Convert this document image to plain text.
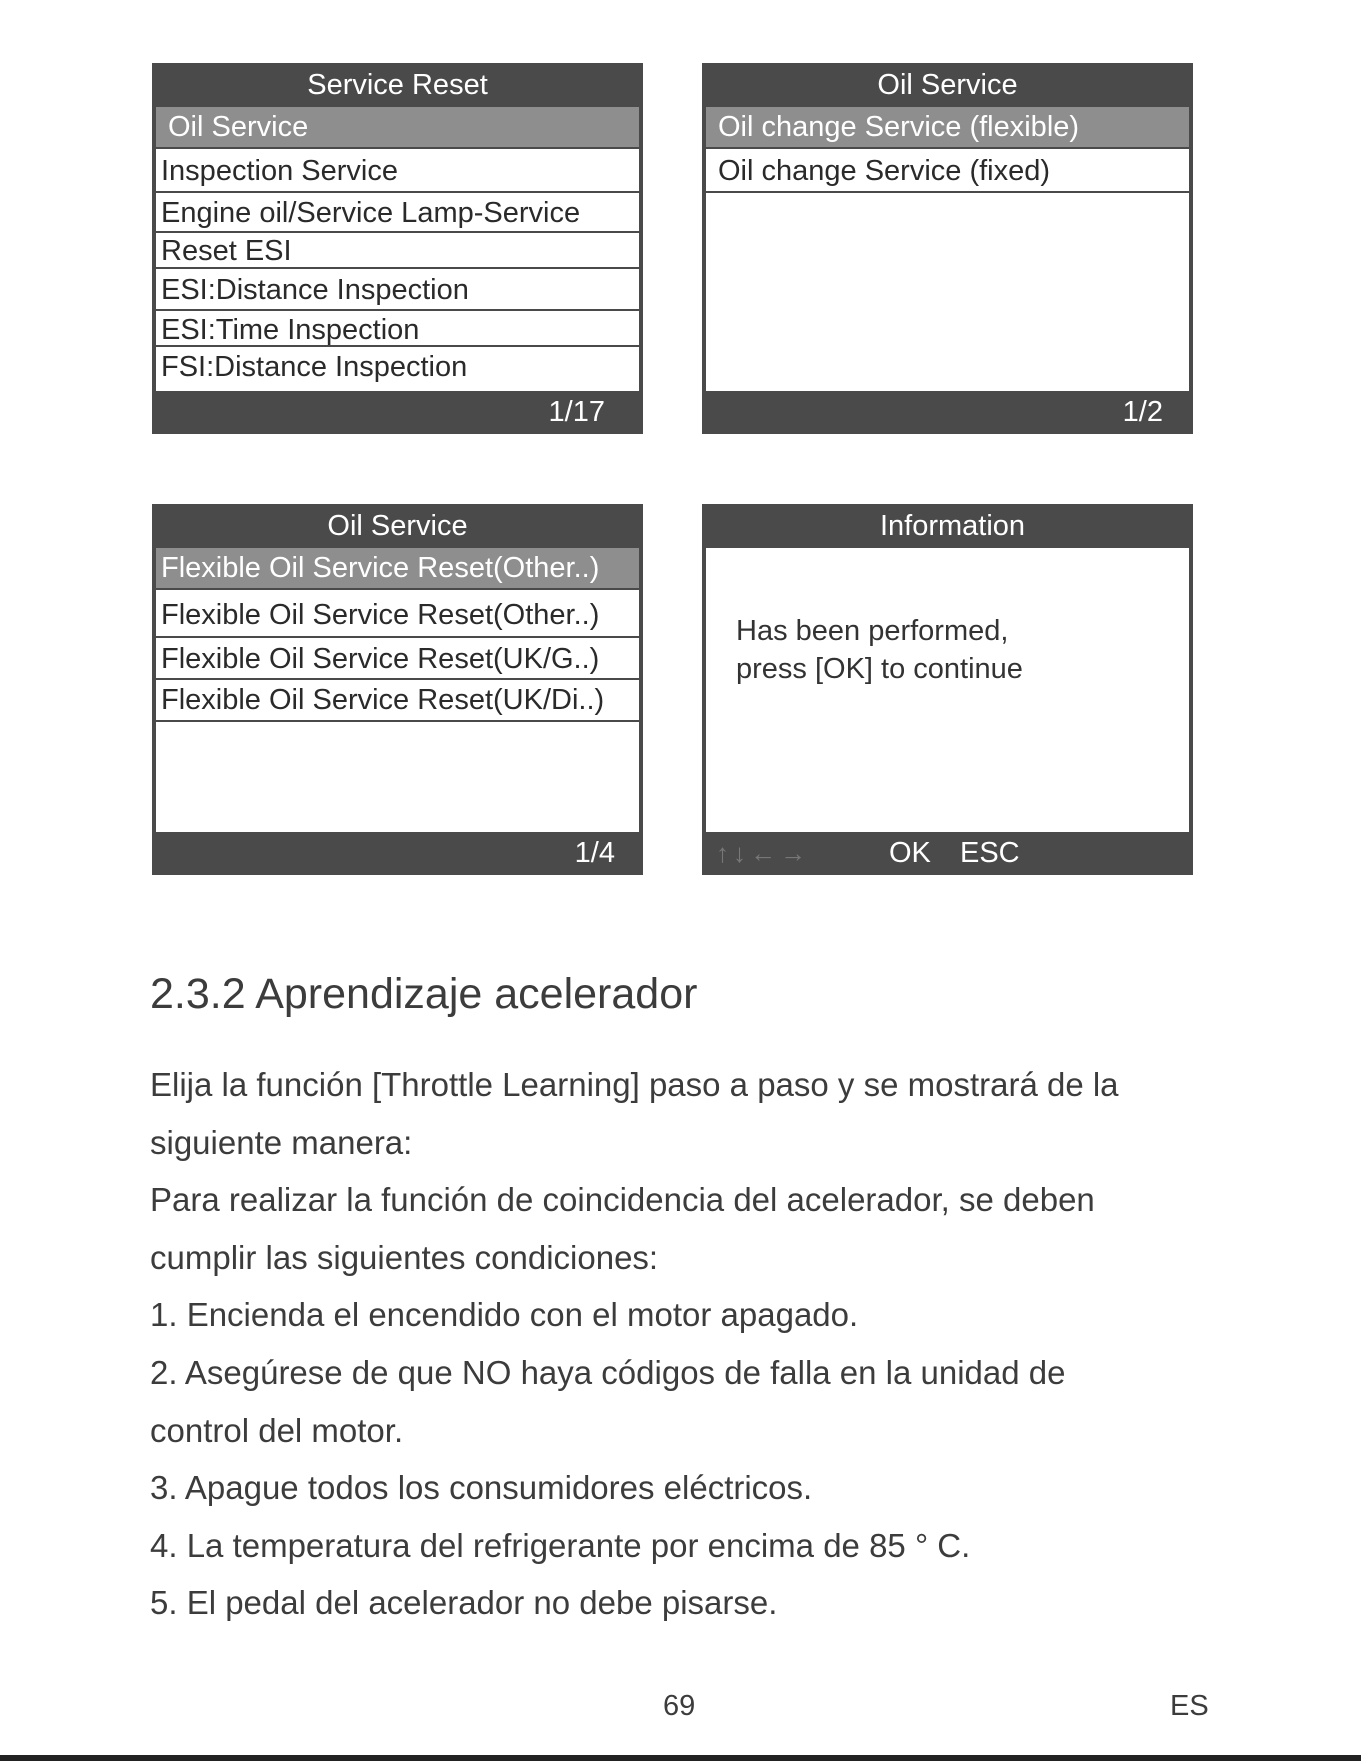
Service Reset
Oil Service
Inspection Service
Engine oil/Service Lamp-Service
Reset ESI
ESI:Distance Inspection
ESI:Time Inspection
FSI:Distance Inspection
1/17
Oil Service
Oil change Service (flexible)
Oil change Service (fixed)
1/2
Oil Service
Flexible Oil Service Reset(Other..)
Flexible Oil Service Reset(Other..)
Flexible Oil Service Reset(UK/G..)
Flexible Oil Service Reset(UK/Di..)
1/4
Information
Has been performed,
press [OK] to continue
↑↓←→	OK ESC
2.3.2 Aprendizaje acelerador
Elija la función [Throttle Learning] paso a paso y se mostrará de la
siguiente manera:
Para realizar la función de coincidencia del acelerador, se deben
cumplir las siguientes condiciones:
1. Encienda el encendido con el motor apagado.
2. Asegúrese de que NO haya códigos de falla en la unidad de
control del motor.
3. Apague todos los consumidores eléctricos.
4. La temperatura del refrigerante por encima de 85 ° C.
5. El pedal del acelerador no debe pisarse.
69	ES
